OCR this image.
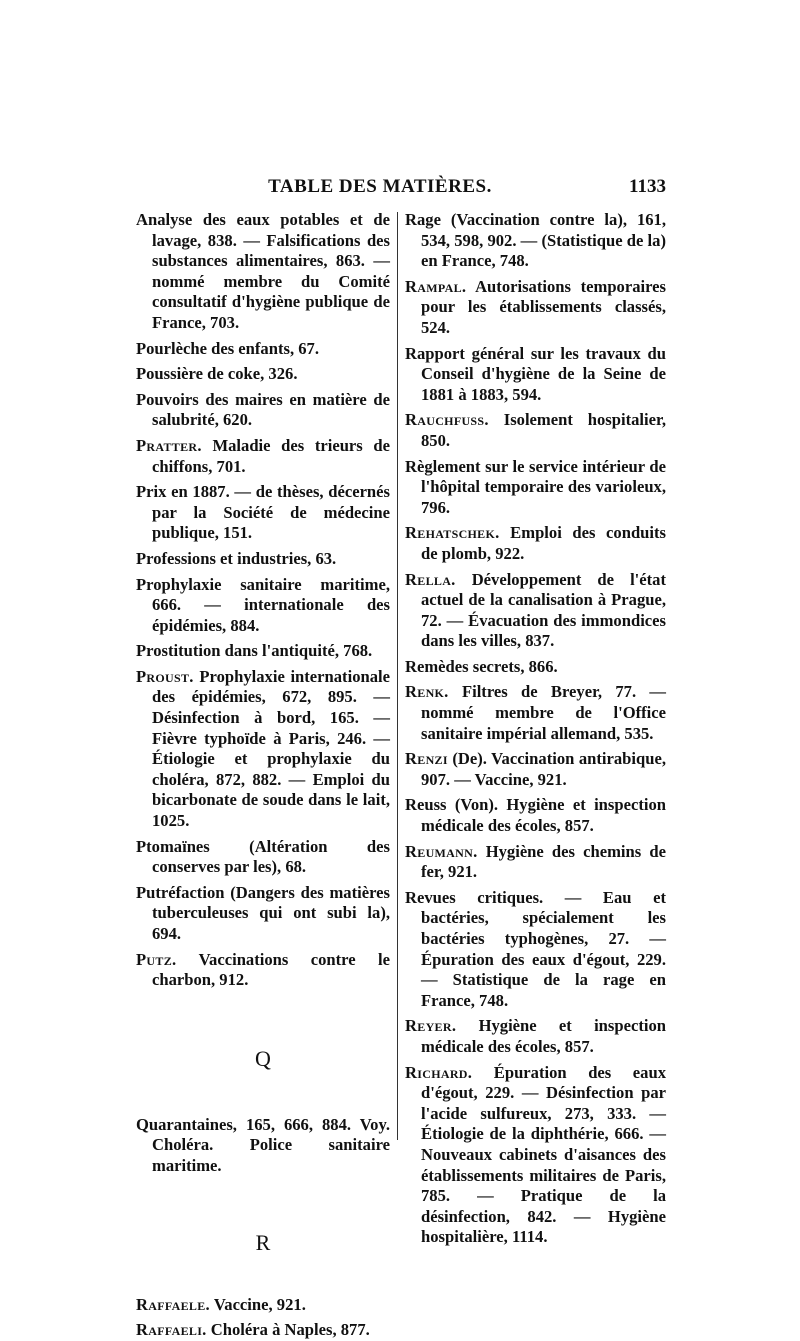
TABLE DES MATIÈRES.	1133
Analyse des eaux potables et de lavage, 838. — Falsifications des substances alimentaires, 863. — nommé membre du Comité consultatif d'hygiène publique de France, 703.
Pourlèche des enfants, 67.
Poussière de coke, 326.
Pouvoirs des maires en matière de salubrité, 620.
Pratter. Maladie des trieurs de chiffons, 701.
Prix en 1887. — de thèses, décernés par la Société de médecine publique, 151.
Professions et industries, 63.
Prophylaxie sanitaire maritime, 666. — internationale des épidémies, 884.
Prostitution dans l'antiquité, 768.
Proust. Prophylaxie internationale des épidémies, 672, 895. — Désinfection à bord, 165. — Fièvre typhoïde à Paris, 246. — Étiologie et prophylaxie du choléra, 872, 882. — Emploi du bicarbonate de soude dans le lait, 1025.
Ptomaïnes (Altération des conserves par les), 68.
Putréfaction (Dangers des matières tuberculeuses qui ont subi la), 694.
Putz. Vaccinations contre le charbon, 912.
Q
Quarantaines, 165, 666, 884. Voy. Choléra. Police sanitaire maritime.
R
Raffaele. Vaccine, 921.
Raffaeli. Choléra à Naples, 877.
Rage (Vaccination contre la), 161, 534, 598, 902. — (Statistique de la) en France, 748.
Rampal. Autorisations temporaires pour les établissements classés, 524.
Rapport général sur les travaux du Conseil d'hygiène de la Seine de 1881 à 1883, 594.
Rauchfuss. Isolement hospitalier, 850.
Règlement sur le service intérieur de l'hôpital temporaire des varioleux, 796.
Rehatschek. Emploi des conduits de plomb, 922.
Rella. Développement de l'état actuel de la canalisation à Prague, 72. — Évacuation des immondices dans les villes, 837.
Remèdes secrets, 866.
Renk. Filtres de Breyer, 77. — nommé membre de l'Office sanitaire impérial allemand, 535.
Renzi (De). Vaccination antirabique, 907. — Vaccine, 921.
Reuss (Von). Hygiène et inspection médicale des écoles, 857.
Reumann. Hygiène des chemins de fer, 921.
Revues critiques. — Eau et bactéries, spécialement les bactéries typhogènes, 27. — Épuration des eaux d'égout, 229. — Statistique de la rage en France, 748.
Reyer. Hygiène et inspection médicale des écoles, 857.
Richard. Épuration des eaux d'égout, 229. — Désinfection par l'acide sulfureux, 273, 333. — Étiologie de la diphthérie, 666. — Nouveaux cabinets d'aisances des établissements militaires de Paris, 785. — Pratique de la désinfection, 842. — Hygiène hospitalière, 1114.
